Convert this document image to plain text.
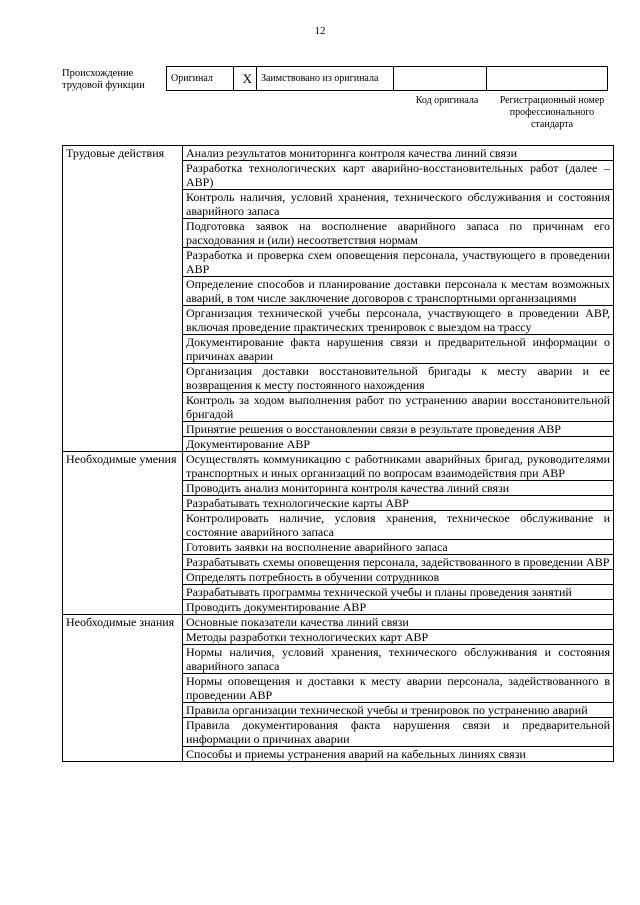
12
Происхождение трудовой функции
Оригинал	X	Заимствовано из оригинала		
Код оригинала	Регистрационный номер профессионального стандарта
Трудовые действия	Анализ результатов мониторинга контроля качества линий связи
	Разработка технологических карт аварийно-восстановительных работ (далее – АВР)
	Контроль наличия, условий хранения, технического обслуживания и состояния аварийного запаса
	Подготовка заявок на восполнение аварийного запаса по причинам его расходования и (или) несоответствия нормам
	Разработка и проверка схем оповещения персонала, участвующего в проведении АВР
	Определение способов и планирование доставки персонала к местам возможных аварий, в том числе заключение договоров с транспортными организациями
	Организация технической учебы персонала, участвующего в проведении АВР, включая проведение практических тренировок с выездом на трассу
	Документирование факта нарушения связи и предварительной информации о причинах аварии
	Организация доставки восстановительной бригады к месту аварии и ее возвращения к месту постоянного нахождения
	Контроль за ходом выполнения работ по устранению аварии восстановительной бригадой
	Принятие решения о восстановлении связи в результате проведения АВР
	Документирование АВР
Необходимые умения	Осуществлять коммуникацию с работниками аварийных бригад, руководителями транспортных и иных организаций по вопросам взаимодействия при АВР
	Проводить анализ мониторинга контроля качества линий связи
	Разрабатывать технологические карты АВР
	Контролировать наличие, условия хранения, техническое обслуживание и состояние аварийного запаса
	Готовить заявки на восполнение аварийного запаса
	Разрабатывать схемы оповещения персонала, задействованного в проведении АВР
	Определять потребность в обучении сотрудников
	Разрабатывать программы технической учебы и планы проведения занятий
	Проводить документирование АВР
Необходимые знания	Основные показатели качества линий связи
	Методы разработки технологических карт АВР
	Нормы наличия, условий хранения, технического обслуживания и состояния аварийного запаса
	Нормы оповещения и доставки к месту аварии персонала, задействованного в проведении АВР
	Правила организации технической учебы и тренировок по устранению аварий
	Правила документирования факта нарушения связи и предварительной информации о причинах аварии
	Способы и приемы устранения аварий на кабельных линиях связи
